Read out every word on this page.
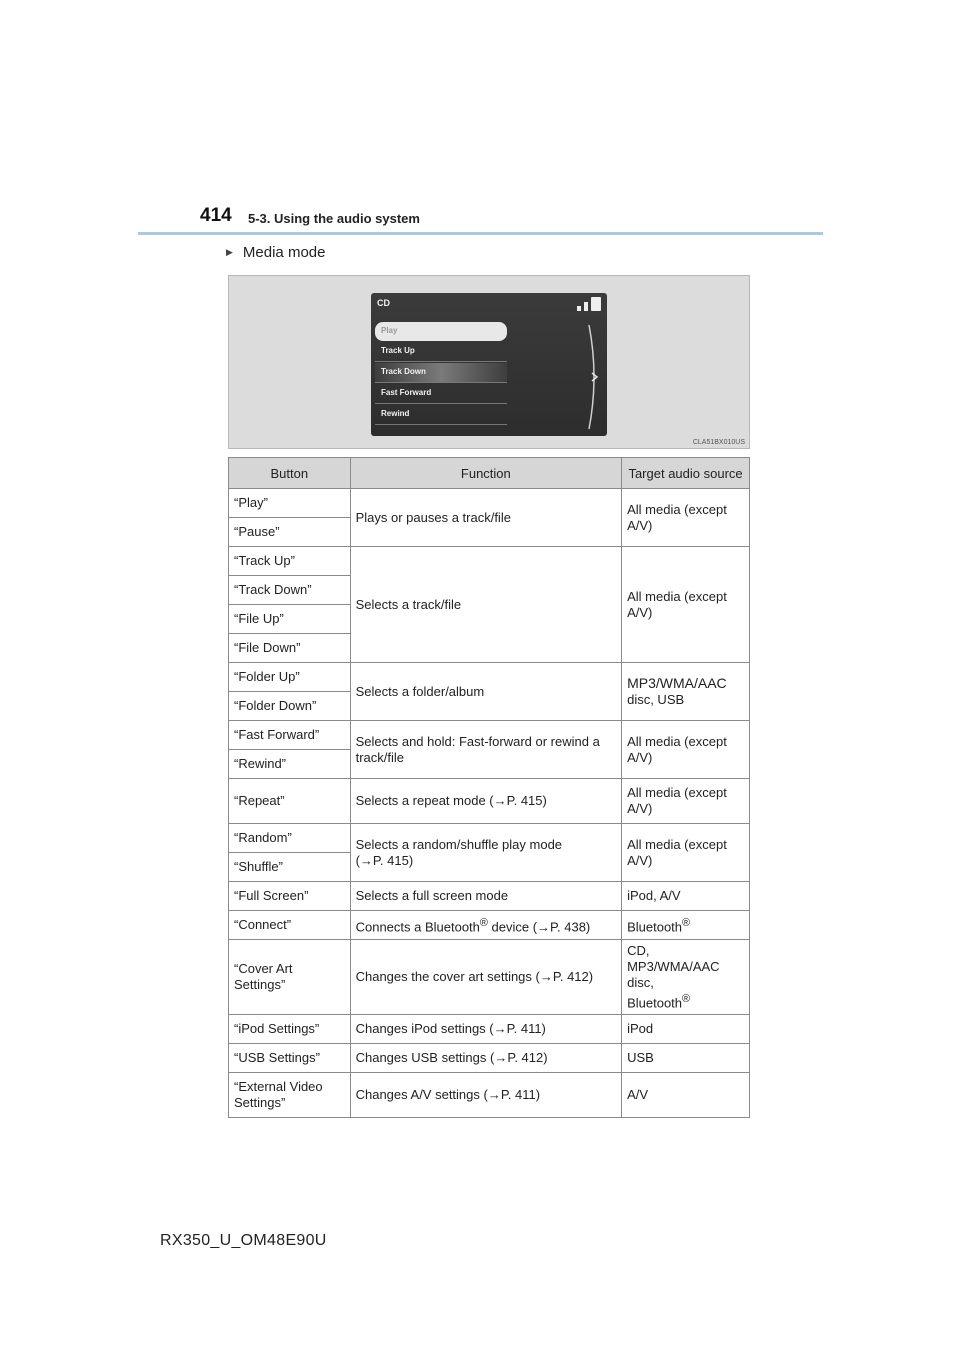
414 5-3. Using the audio system
▶ Media mode
CD
Play
Track Up
Track Down
Fast Forward
Rewind
CLA51BX010US
Button	Function	Target audio source
“Play”	Plays or pauses a track/file	All media (except A/V)
“Pause”		
“Track Up”	Selects a track/file	All media (except A/V)
“Track Down”		
“File Up”		
“File Down”		
“Folder Up”	Selects a folder/album	MP3/WMA/AAC
disc, USB
“Folder Down”		
“Fast Forward”	Selects and hold: Fast-forward or rewind a track/file	All media (except A/V)
“Rewind”		
“Repeat”	Selects a repeat mode (→P. 415)	All media (except A/V)
“Random”	Selects a random/shuffle play mode
(→P. 415)	All media (except A/V)
“Shuffle”		
“Full Screen”	Selects a full screen mode	iPod, A/V
“Connect”	Connects a Bluetooth® device (→P. 438)	Bluetooth®
“Cover Art Settings”	Changes the cover art settings (→P. 412)	CD, MP3/WMA/AAC disc,
Bluetooth®
“iPod Settings”	Changes iPod settings (→P. 411)	iPod
“USB Settings”	Changes USB settings (→P. 412)	USB
“External Video Settings”	Changes A/V settings (→P. 411)	A/V
RX350_U_OM48E90U
